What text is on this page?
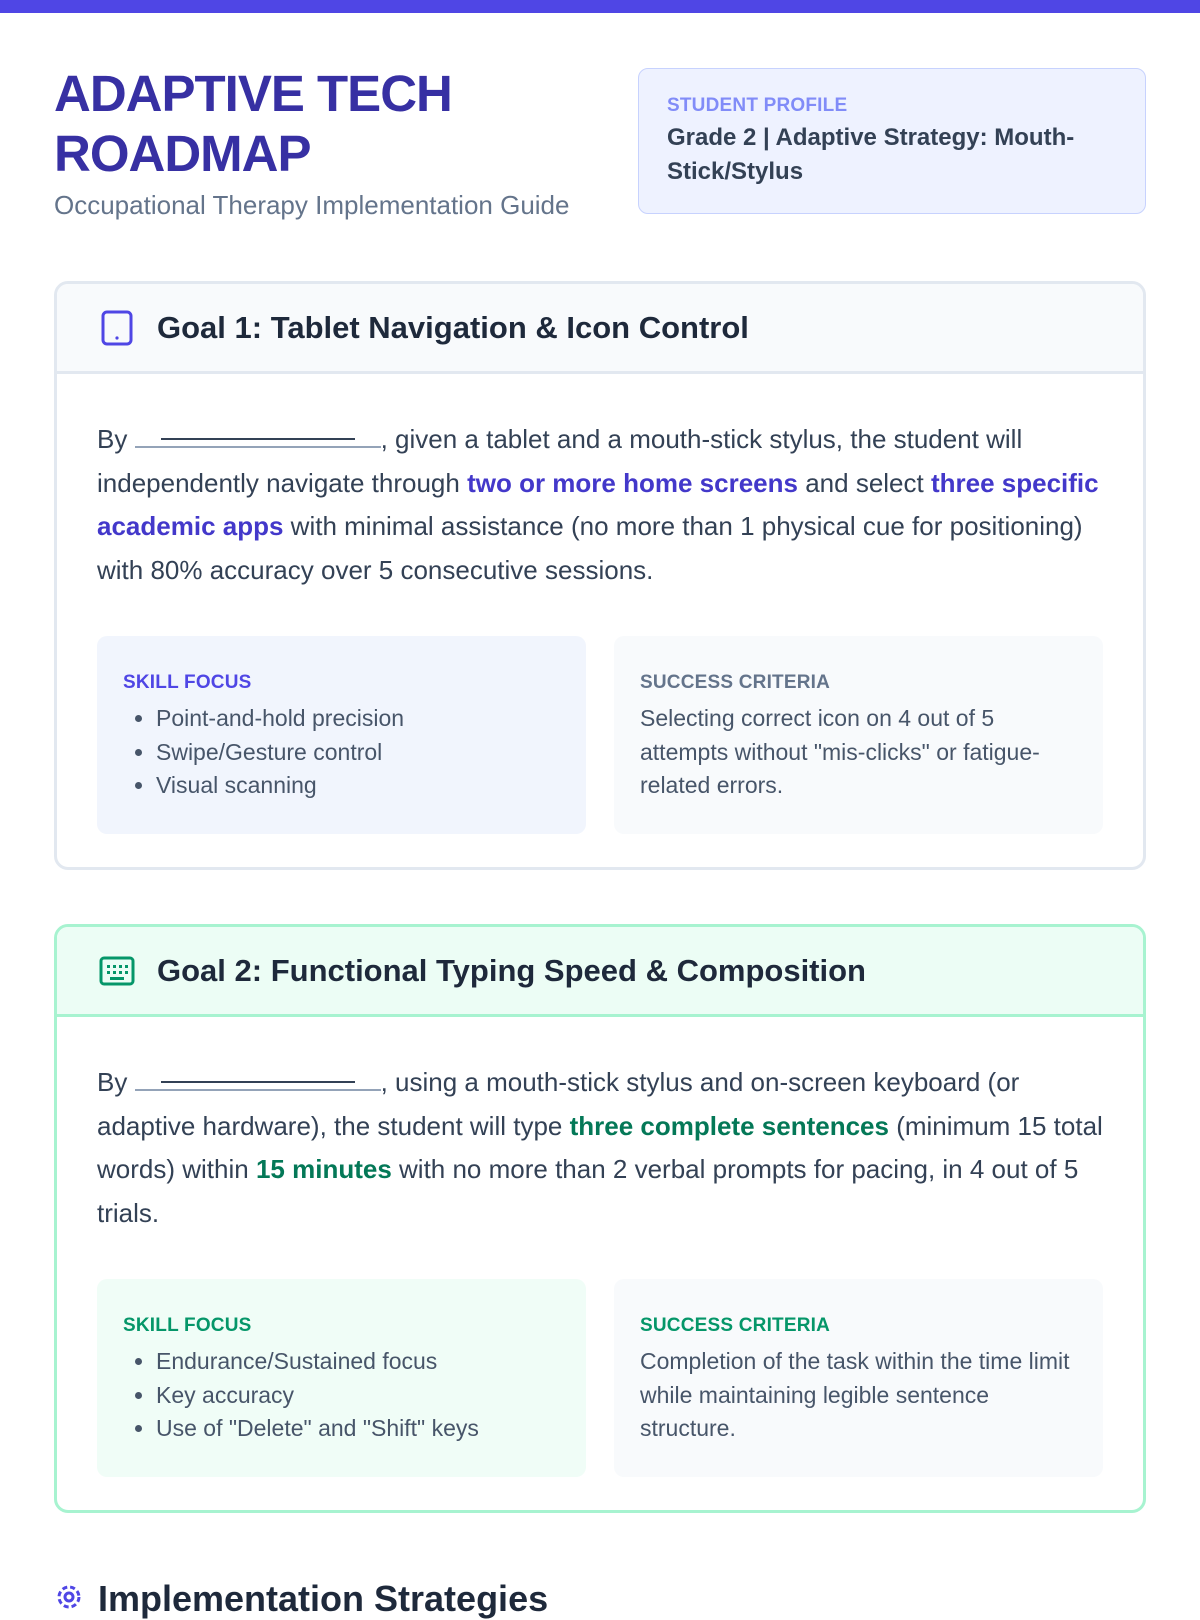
ADAPTIVE TECH ROADMAP
Occupational Therapy Implementation Guide
STUDENT PROFILE
Grade 2 | Adaptive Strategy: Mouth-Stick/Stylus
Goal 1: Tablet Navigation & Icon Control

By	, given a tablet and a mouth-stick stylus, the student will independently navigate through two or more home screens and select three specific academic apps with minimal assistance (no more than 1 physical cue for positioning) with 80% accuracy over 5 consecutive sessions.

SKILL FOCUS
• Point-and-hold precision
• Swipe/Gesture control
• Visual scanning
SUCCESS CRITERIA

Selecting correct icon on 4 out of 5 attempts without "mis-clicks" or fatigue-related errors.

Goal 2: Functional Typing Speed & Composition

By	, using a mouth-stick stylus and on-screen keyboard (or adaptive hardware), the student will type three complete sentences (minimum 15 total words) within 15 minutes with no more than 2 verbal prompts for pacing, in 4 out of 5 trials.

SKILL FOCUS
• Endurance/Sustained focus
• Key accuracy
• Use of "Delete" and "Shift" keys
SUCCESS CRITERIA

Completion of the task within the time limit while maintaining legible sentence structure.

Implementation Strategies
